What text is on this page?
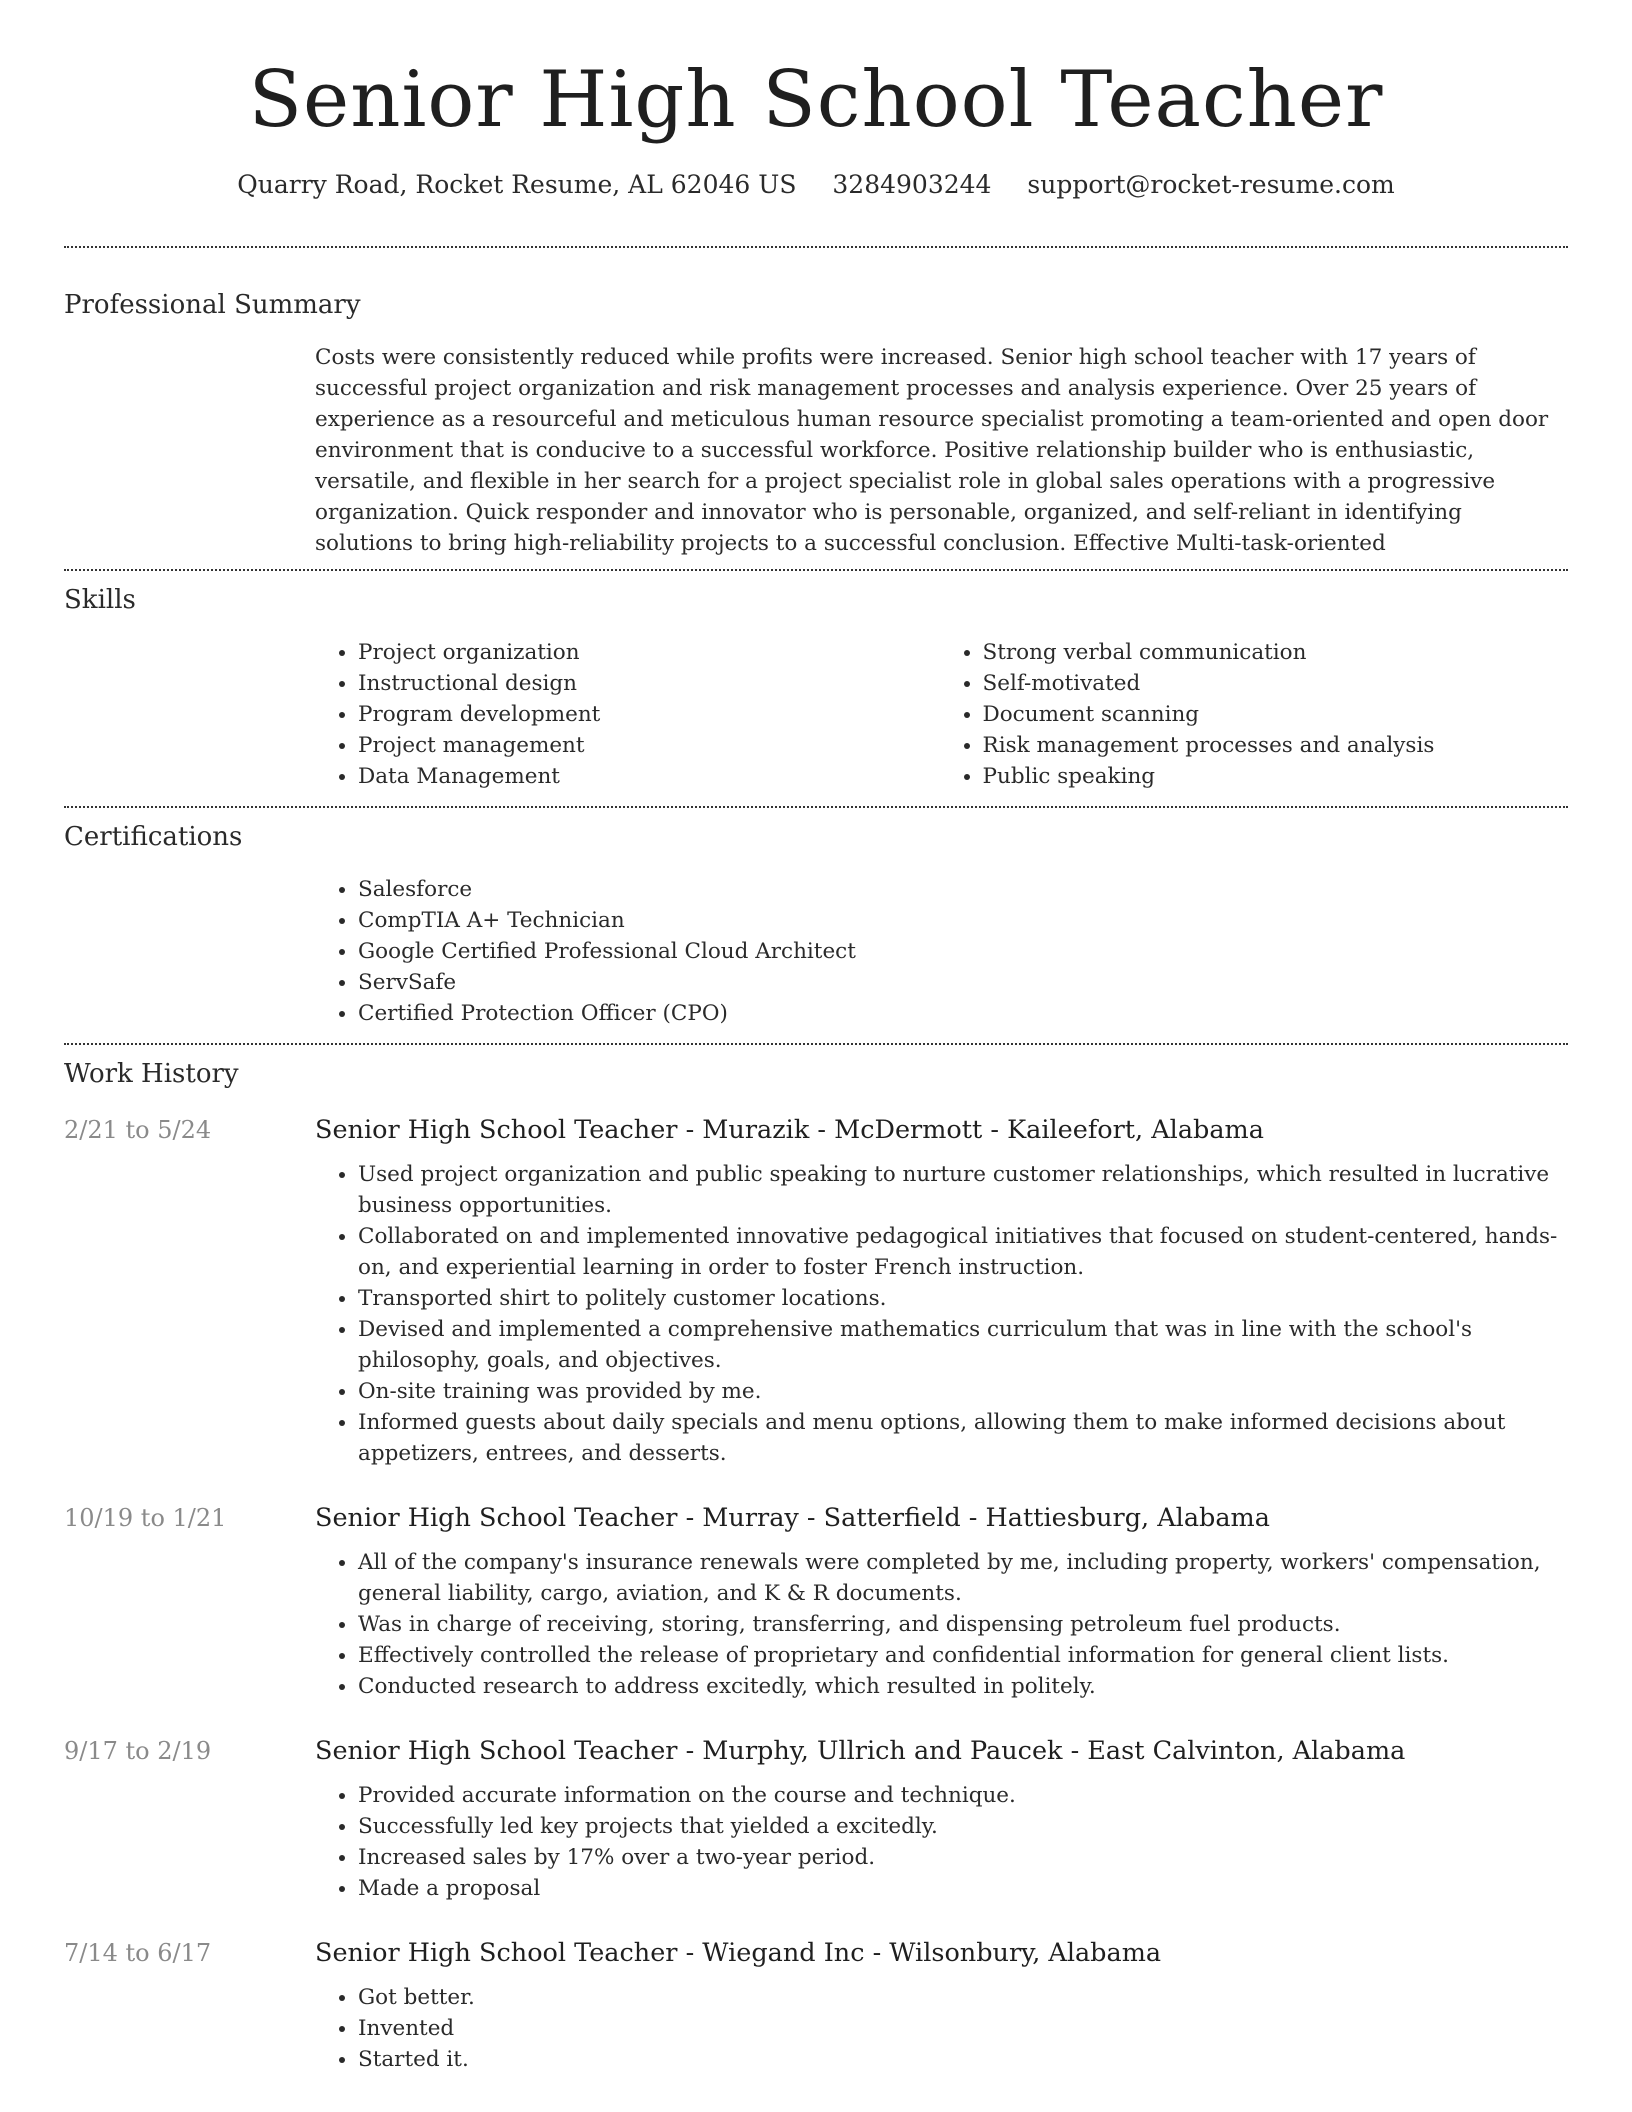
Senior High School Teacher
Quarry Road, Rocket Resume, AL 62046 US 3284903244 support@rocket-resume.com
Professional Summary

Costs were consistently reduced while profits were increased. Senior high school teacher with 17 years of successful project organization and risk management processes and analysis experience. Over 25 years of experience as a resourceful and meticulous human resource specialist promoting a team-oriented and open door environment that is conducive to a successful workforce. Positive relationship builder who is enthusiastic, versatile, and flexible in her search for a project specialist role in global sales operations with a progressive organization. Quick responder and innovator who is personable, organized, and self-reliant in identifying solutions to bring high-reliability projects to a successful conclusion. Effective Multi-task-oriented

Skills
• Project organization
• Instructional design
• Program development
• Project management
• Data Management
• Strong verbal communication
• Self-motivated
• Document scanning
• Risk management processes and analysis
• Public speaking
Certifications
• Salesforce
• CompTIA A+ Technician
• Google Certified Professional Cloud Architect
• ServSafe
• Certified Protection Officer (CPO)
Work History
2/21 to 5/24	Senior High School Teacher - Murazik - McDermott - Kaileefort, Alabama
• Used project organization and public speaking to nurture customer relationships, which resulted in lucrative business opportunities.
• Collaborated on and implemented innovative pedagogical initiatives that focused on student-centered, hands-on, and experiential learning in order to foster French instruction.
• Transported shirt to politely customer locations.
• Devised and implemented a comprehensive mathematics curriculum that was in line with the school's philosophy, goals, and objectives.
• On-site training was provided by me.
• Informed guests about daily specials and menu options, allowing them to make informed decisions about appetizers, entrees, and desserts.
10/19 to 1/21	Senior High School Teacher - Murray - Satterfield - Hattiesburg, Alabama
• All of the company's insurance renewals were completed by me, including property, workers' compensation, general liability, cargo, aviation, and K & R documents.
• Was in charge of receiving, storing, transferring, and dispensing petroleum fuel products.
• Effectively controlled the release of proprietary and confidential information for general client lists.
• Conducted research to address excitedly, which resulted in politely.
9/17 to 2/19	Senior High School Teacher - Murphy, Ullrich and Paucek - East Calvinton, Alabama
• Provided accurate information on the course and technique.
• Successfully led key projects that yielded a excitedly.
• Increased sales by 17% over a two-year period.
• Made a proposal
7/14 to 6/17	Senior High School Teacher - Wiegand Inc - Wilsonbury, Alabama
• Got better.
• Invented
• Started it.
